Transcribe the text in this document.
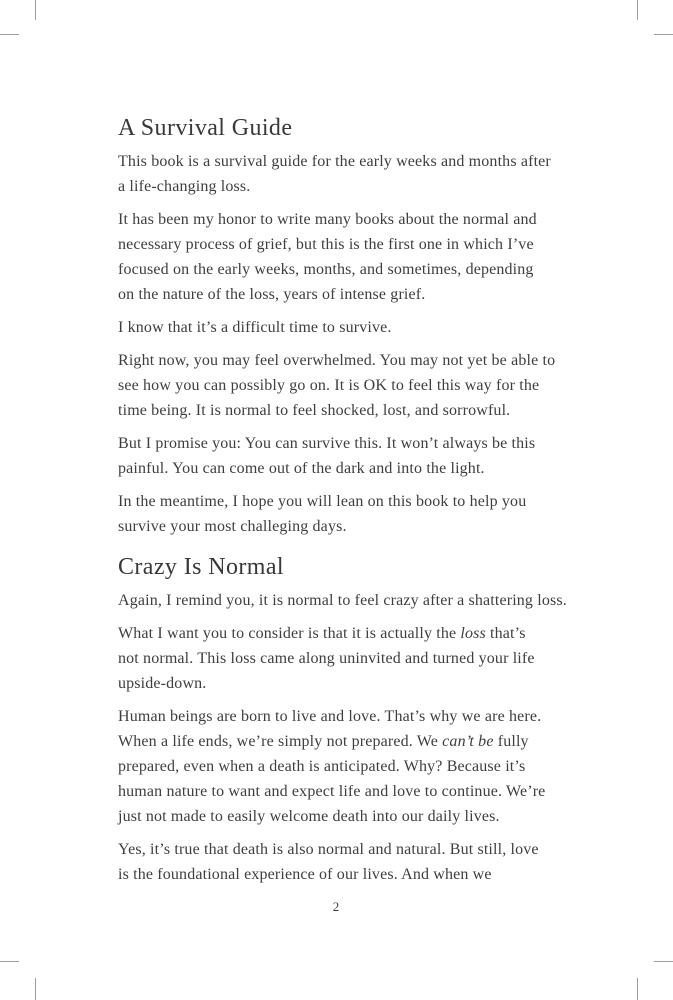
A Survival Guide

This book is a survival guide for the early weeks and months after
a life-changing loss.

It has been my honor to write many books about the normal and
necessary process of grief, but this is the first one in which I’ve
focused on the early weeks, months, and sometimes, depending
on the nature of the loss, years of intense grief.

I know that it’s a difficult time to survive.

Right now, you may feel overwhelmed. You may not yet be able to
see how you can possibly go on. It is OK to feel this way for the
time being. It is normal to feel shocked, lost, and sorrowful.

But I promise you: You can survive this. It won’t always be this
painful. You can come out of the dark and into the light.

In the meantime, I hope you will lean on this book to help you
survive your most challeging days.

Crazy Is Normal

Again, I remind you, it is normal to feel crazy after a shattering loss.

What I want you to consider is that it is actually the loss that’s
not normal. This loss came along uninvited and turned your life
upside-down.

Human beings are born to live and love. That’s why we are here.
When a life ends, we’re simply not prepared. We can’t be fully
prepared, even when a death is anticipated. Why? Because it’s
human nature to want and expect life and love to continue. We’re
just not made to easily welcome death into our daily lives.

Yes, it’s true that death is also normal and natural. But still, love
is the foundational experience of our lives. And when we

2
